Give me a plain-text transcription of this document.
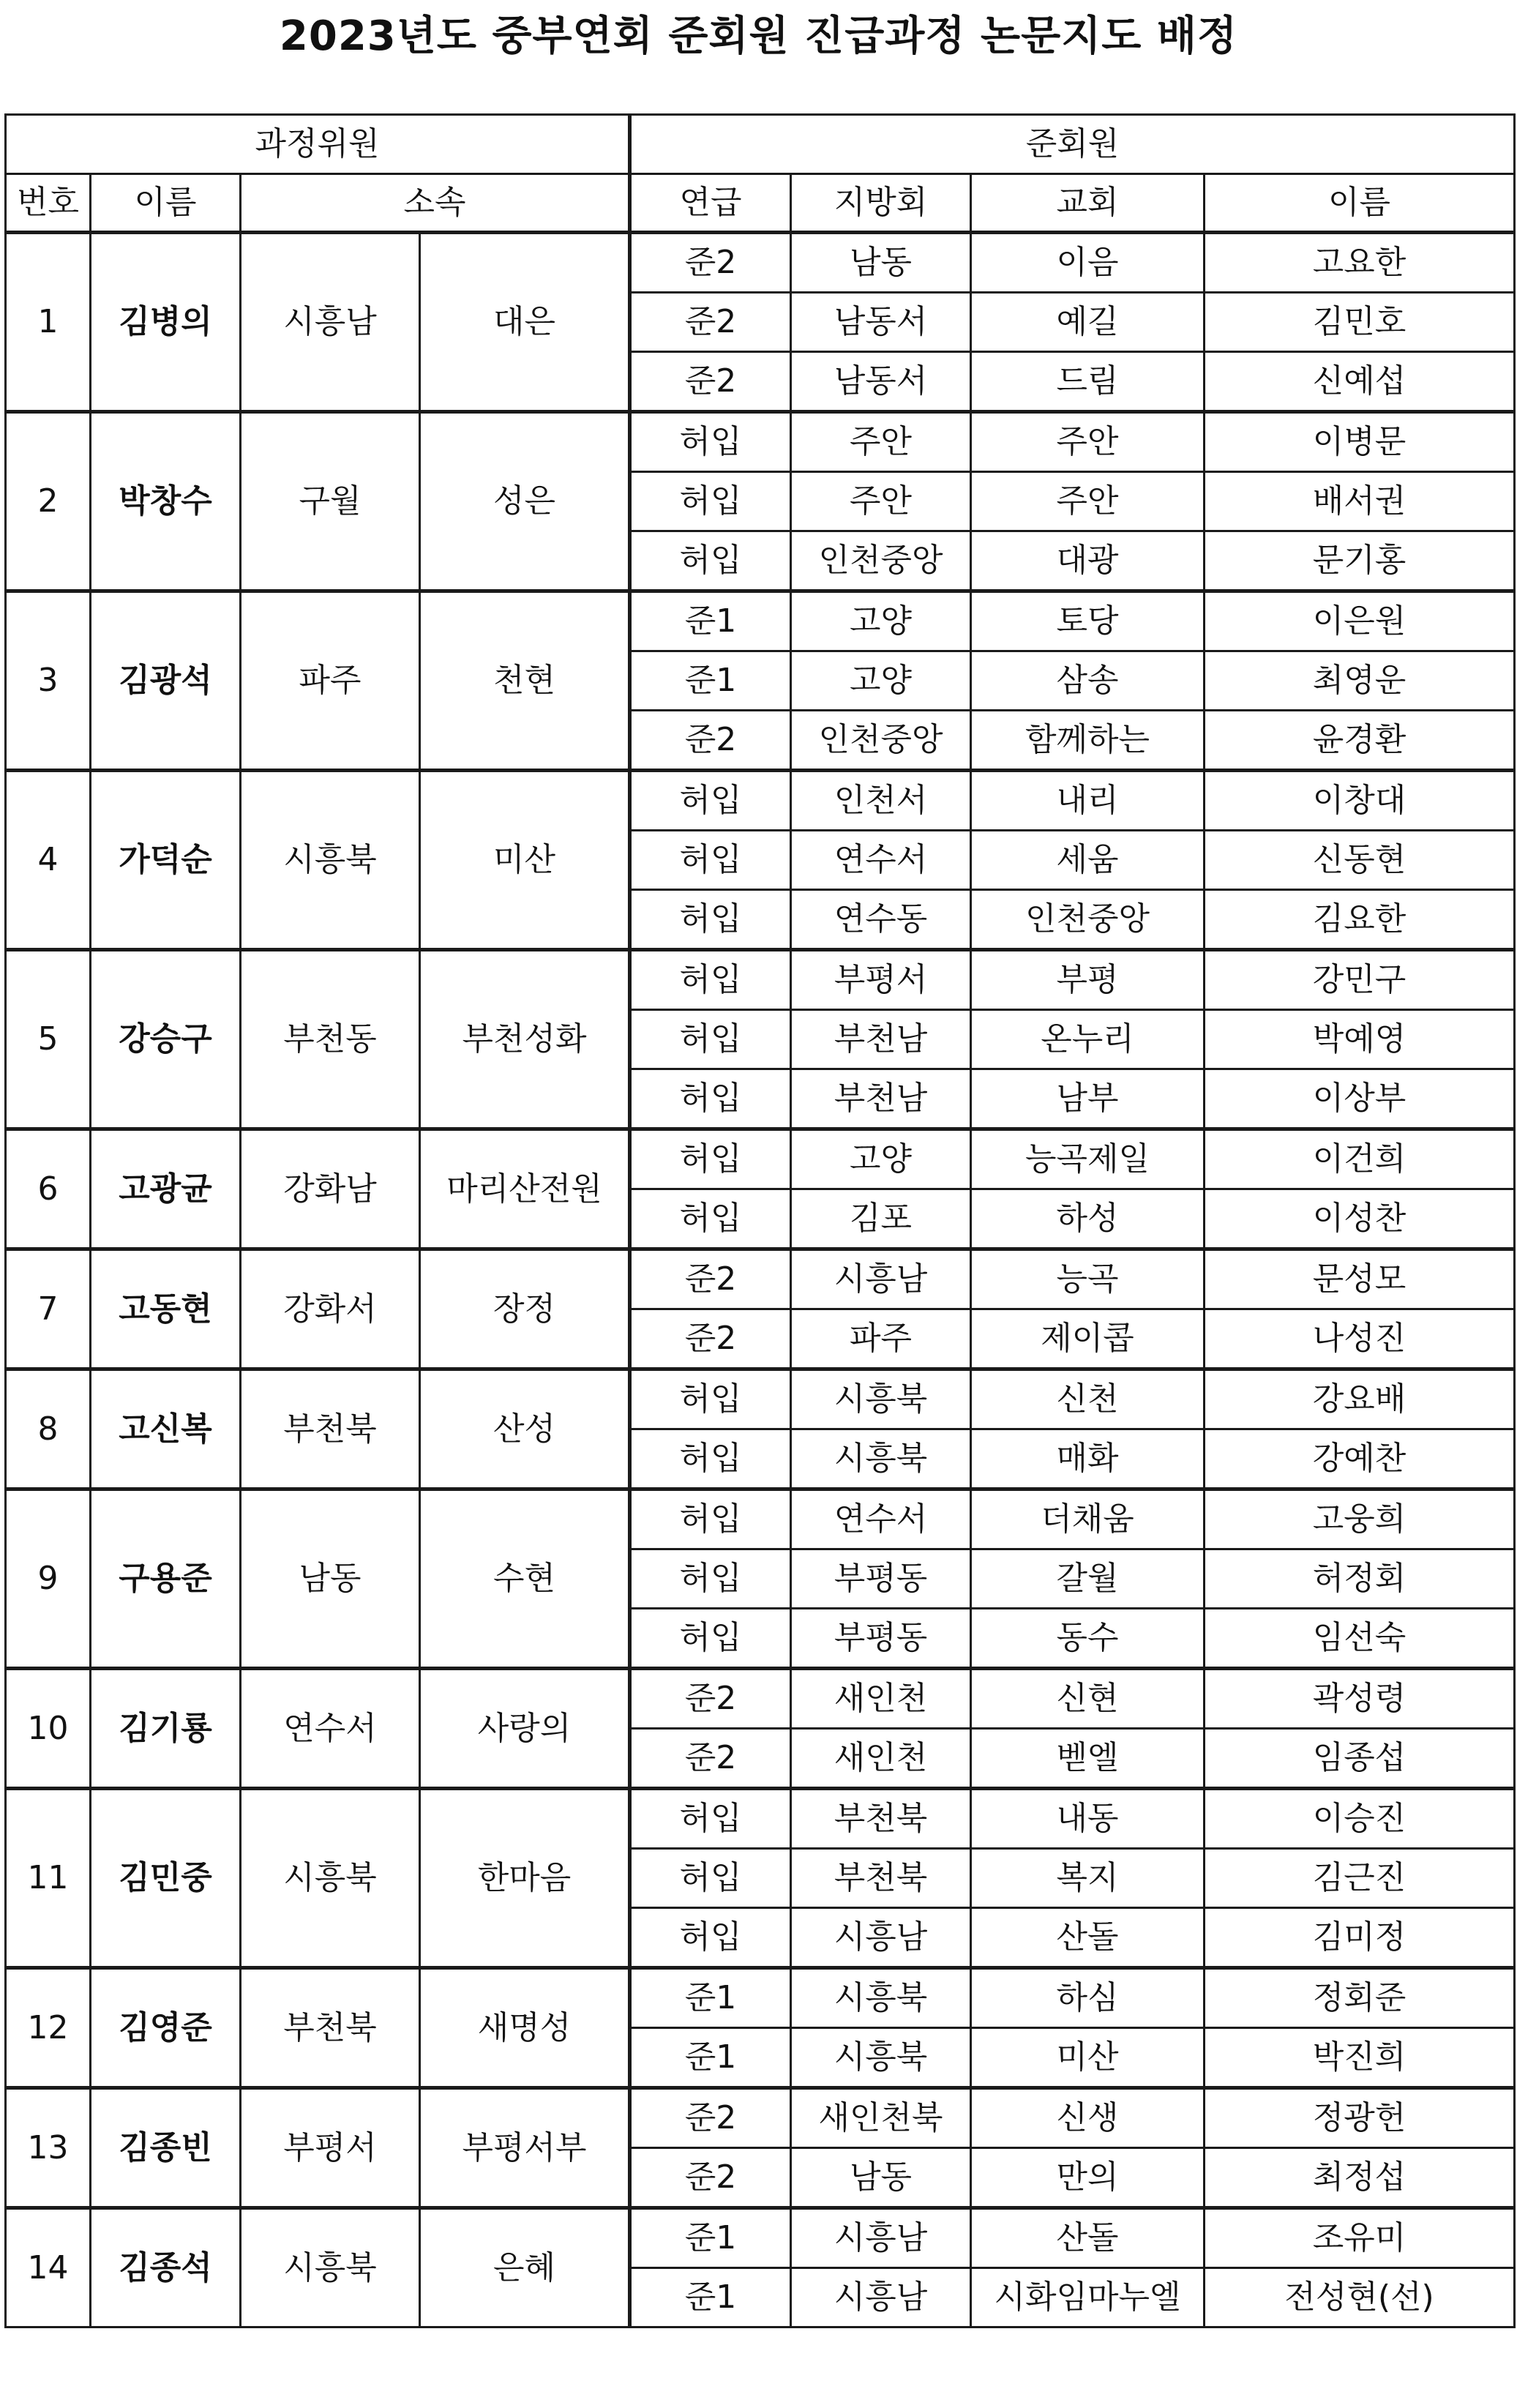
2023년도 중부연회 준회원 진급과정 논문지도 배정
과정위원				준회원			
번호	이름	소속		연급	지방회	교회	이름
1	김병의	시흥남	대은	준2	남동	이음	고요한
				준2	남동서	예길	김민호
				준2	남동서	드림	신예섭
2	박창수	구월	성은	허입	주안	주안	이병문
				허입	주안	주안	배서권
				허입	인천중앙	대광	문기홍
3	김광석	파주	천현	준1	고양	토당	이은원
				준1	고양	삼송	최영운
				준2	인천중앙	함께하는	윤경환
4	가덕순	시흥북	미산	허입	인천서	내리	이창대
				허입	연수서	세움	신동현
				허입	연수동	인천중앙	김요한
5	강승구	부천동	부천성화	허입	부평서	부평	강민구
				허입	부천남	온누리	박예영
				허입	부천남	남부	이상부
6	고광균	강화남	마리산전원	허입	고양	능곡제일	이건희
				허입	김포	하성	이성찬
7	고동현	강화서	장정	준2	시흥남	능곡	문성모
				준2	파주	제이콥	나성진
8	고신복	부천북	산성	허입	시흥북	신천	강요배
				허입	시흥북	매화	강예찬
9	구용준	남동	수현	허입	연수서	더채움	고웅희
				허입	부평동	갈월	허정회
				허입	부평동	동수	임선숙
10	김기룡	연수서	사랑의	준2	새인천	신현	곽성령
				준2	새인천	벧엘	임종섭
11	김민중	시흥북	한마음	허입	부천북	내동	이승진
				허입	부천북	복지	김근진
				허입	시흥남	산돌	김미정
12	김영준	부천북	새명성	준1	시흥북	하심	정회준
				준1	시흥북	미산	박진희
13	김종빈	부평서	부평서부	준2	새인천북	신생	정광헌
				준2	남동	만의	최정섭
14	김종석	시흥북	은혜	준1	시흥남	산돌	조유미
				준1	시흥남	시화임마누엘	전성현(선)
